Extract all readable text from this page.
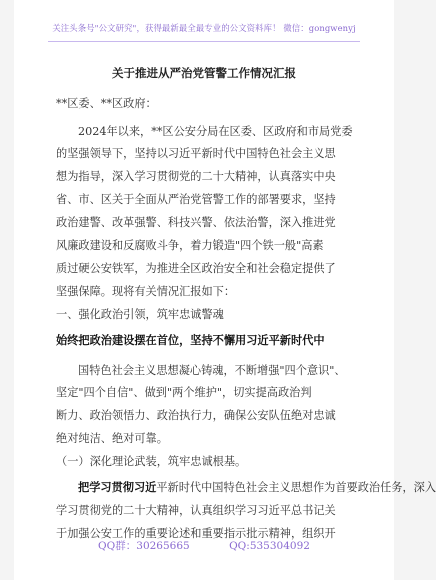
关注头条号"公文研究"，获得最新最全最专业的公文资料库！ 微信：gongwenyj
关于推进从严治党管警工作情况汇报
**区委、**区政府：
2024年以来，**区公安分局在区委、区政府和市局党委
的坚强领导下，坚持以习近平新时代中国特色社会主义思
想为指导，深入学习贯彻党的二十大精神，认真落实中央
省、市、区关于全面从严治党管警工作的部署要求，坚持
政治建警、改革强警、科技兴警、依法治警，深入推进党
风廉政建设和反腐败斗争，着力锻造"四个铁一般"高素
质过硬公安铁军，为推进全区政治安全和社会稳定提供了
坚强保障。现将有关情况汇报如下：
一、强化政治引领，筑牢忠诚警魂
始终把政治建设摆在首位，坚持不懈用习近平新时代中
国特色社会主义思想凝心铸魂，不断增强"四个意识"、
坚定"四个自信"、做到"两个维护"，切实提高政治判
断力、政治领悟力、政治执行力，确保公安队伍绝对忠诚
绝对纯洁、绝对可靠。
（一）深化理论武装，筑牢忠诚根基。
把学习贯彻习近平新时代中国特色社会主义思想作为首要政治任务，深入
学习贯彻党的二十大精神，认真组织学习习近平总书记关
于加强公安工作的重要论述和重要指示批示精神，组织开
QQ群：30265665	QQ:535304092
